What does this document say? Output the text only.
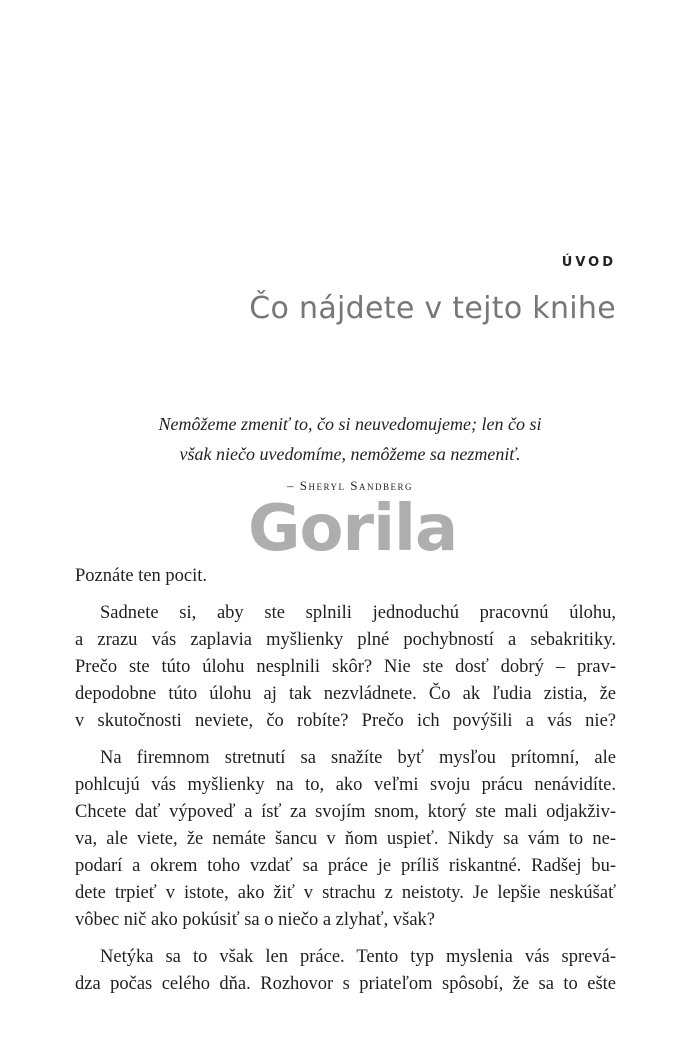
ÚVOD
Čo nájdete v tejto knihe
Nemôžeme zmeniť to, čo si neuvedomujeme; len čo si
však niečo uvedomíme, nemôžeme sa nezmeniť.
– Sheryl Sandberg
Gorila

Poznáte ten pocit.

Sadnete si, aby ste splnili jednoduchú pracovnú úlohu,
a zrazu vás zaplavia myšlienky plné pochybností a sebakritiky.
Prečo ste túto úlohu nesplnili skôr? Nie ste dosť dobrý – prav-
depodobne túto úlohu aj tak nezvládnete. Čo ak ľudia zistia, že
v skutočnosti neviete, čo robíte? Prečo ich povýšili a vás nie?

Na firemnom stretnutí sa snažíte byť mysľou prítomní, ale
pohlcujú vás myšlienky na to, ako veľmi svoju prácu nenávidíte.
Chcete dať výpoveď a ísť za svojím snom, ktorý ste mali odjakživ-
va, ale viete, že nemáte šancu v ňom uspieť. Nikdy sa vám to ne-
podarí a okrem toho vzdať sa práce je príliš riskantné. Radšej bu-
dete trpieť v istote, ako žiť v strachu z neistoty. Je lepšie neskúšať
vôbec nič ako pokúsiť sa o niečo a zlyhať, však?

Netýka sa to však len práce. Tento typ myslenia vás sprevá-
dza počas celého dňa. Rozhovor s priateľom spôsobí, že sa to ešte
